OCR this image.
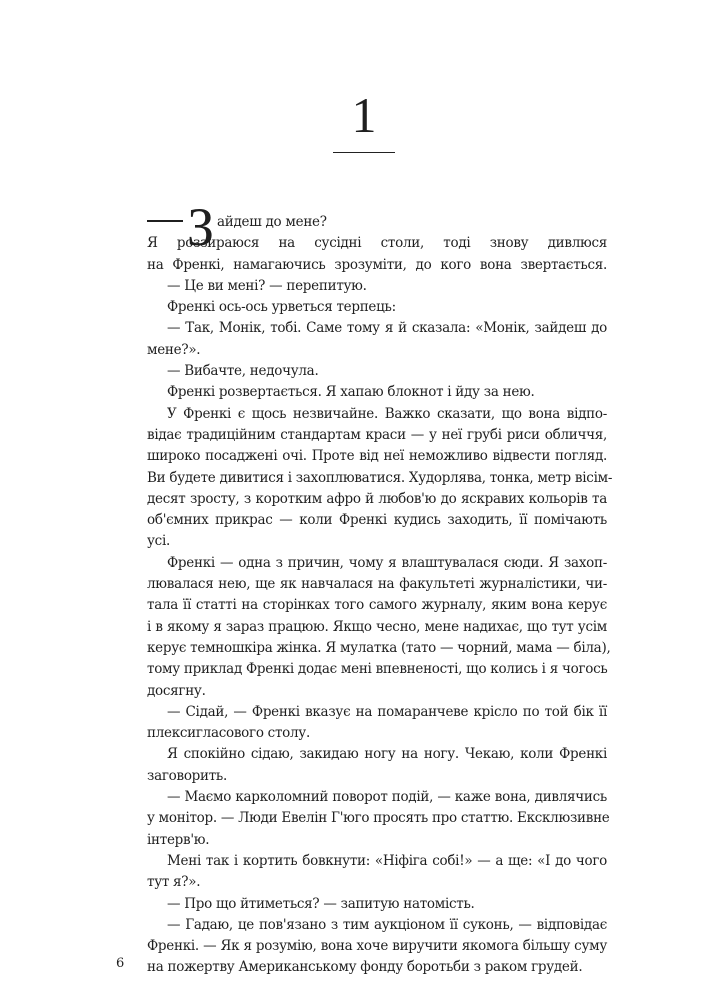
1
З айдеш до мене?
Я роззираюся на сусідні столи, тоді знову дивлюся
на Френкі, намагаючись зрозуміти, до кого вона звертається.
— Це ви мені? — перепитую.
Френкі ось-ось урветься терпець:
— Так, Монік, тобі. Саме тому я й сказала: «Монік, зайдеш до
мене?».
— Вибачте, недочула.
Френкі розвертається. Я хапаю блокнот і йду за нею.
У Френкі є щось незвичайне. Важко сказати, що вона відпо-
відає традиційним стандартам краси — у неї грубі риси обличчя,
широко посаджені очі. Проте від неї неможливо відвести погляд.
Ви будете дивитися і захоплюватися. Худорлява, тонка, метр вісім-
десят зросту, з коротким афро й любов'ю до яскравих кольорів та
об'ємних прикрас — коли Френкі кудись заходить, її помічають
усі.
Френкі — одна з причин, чому я влаштувалася сюди. Я захоп-
лювалася нею, ще як навчалася на факультеті журналістики, чи-
тала її статті на сторінках того самого журналу, яким вона керує
і в якому я зараз працюю. Якщо чесно, мене надихає, що тут усім
керує темношкіра жінка. Я мулатка (тато — чорний, мама — біла),
тому приклад Френкі додає мені впевненості, що колись і я чогось
досягну.
— Сідай, — Френкі вказує на помаранчеве крісло по той бік її
плексигласового столу.
Я спокійно сідаю, закидаю ногу на ногу. Чекаю, коли Френкі
заговорить.
— Маємо карколомний поворот подій, — каже вона, дивлячись
у монітор. — Люди Евелін Г'юго просять про статтю. Ексклюзивне
інтерв'ю.
Мені так і кортить бовкнути: «Ніфіга собі!» — а ще: «І до чого
тут я?».
— Про що йтиметься? — запитую натомість.
— Гадаю, це пов'язано з тим аукціоном її суконь, — відповідає
Френкі. — Як я розумію, вона хоче виручити якомога більшу суму
на пожертву Американському фонду боротьби з раком грудей.
6
